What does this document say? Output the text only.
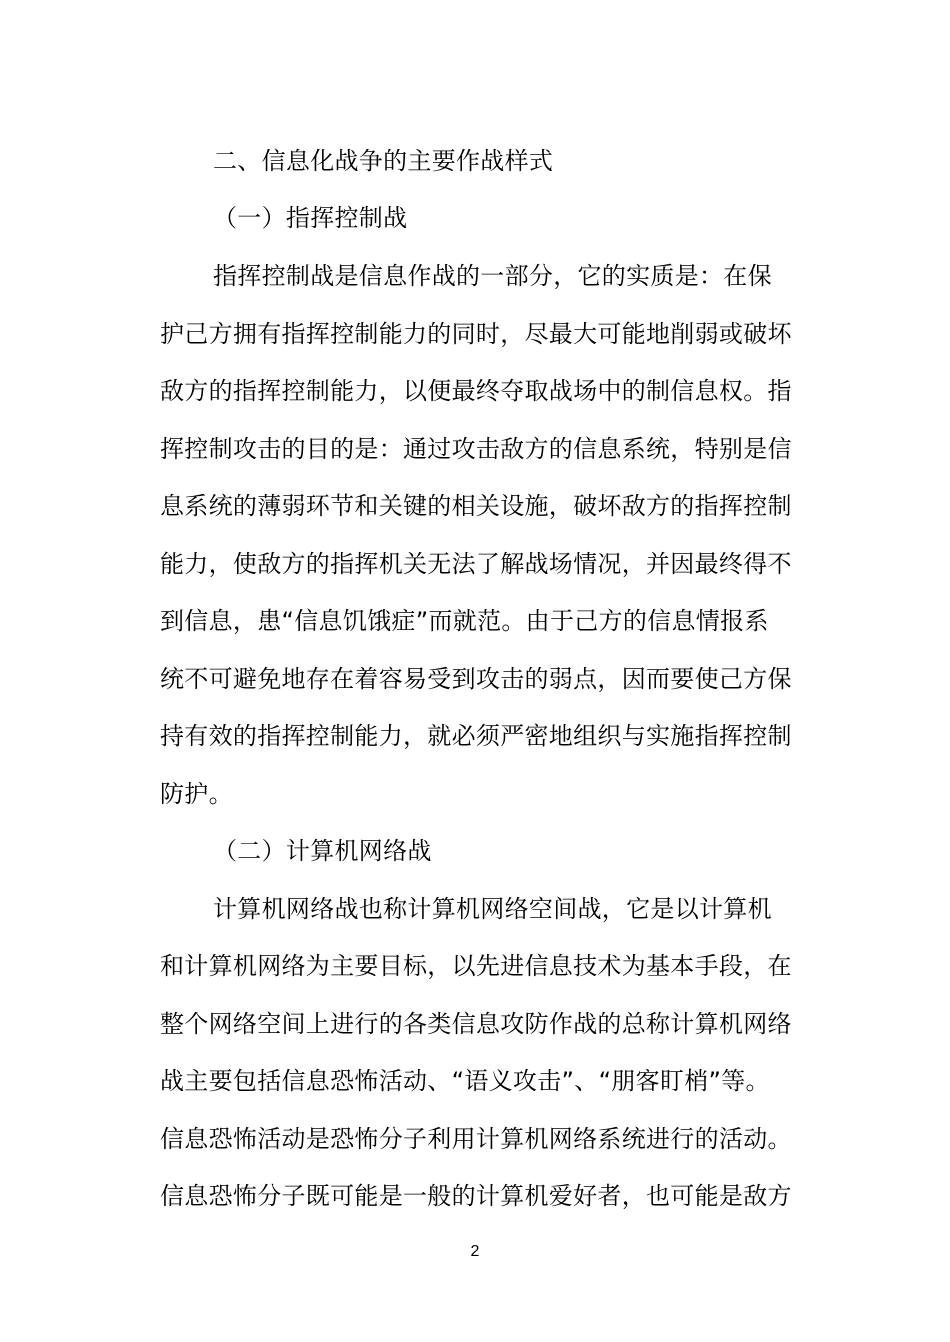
二、信息化战争的主要作战样式
（一）指挥控制战
指挥控制战是信息作战的一部分，它的实质是：在保
护己方拥有指挥控制能力的同时，尽最大可能地削弱或破坏
敌方的指挥控制能力，以便最终夺取战场中的制信息权。指
挥控制攻击的目的是：通过攻击敌方的信息系统，特别是信
息系统的薄弱环节和关键的相关设施，破坏敌方的指挥控制
能力，使敌方的指挥机关无法了解战场情况，并因最终得不
到信息，患“信息饥饿症”而就范。由于己方的信息情报系
统不可避免地存在着容易受到攻击的弱点，因而要使己方保
持有效的指挥控制能力，就必须严密地组织与实施指挥控制
防护。
（二）计算机网络战
计算机网络战也称计算机网络空间战，它是以计算机
和计算机网络为主要目标，以先进信息技术为基本手段，在
整个网络空间上进行的各类信息攻防作战的总称计算机网络
战主要包括信息恐怖活动、“语义攻击”、“朋客盯梢”等。
信息恐怖活动是恐怖分子利用计算机网络系统进行的活动。
信息恐怖分子既可能是一般的计算机爱好者，也可能是敌方
2
